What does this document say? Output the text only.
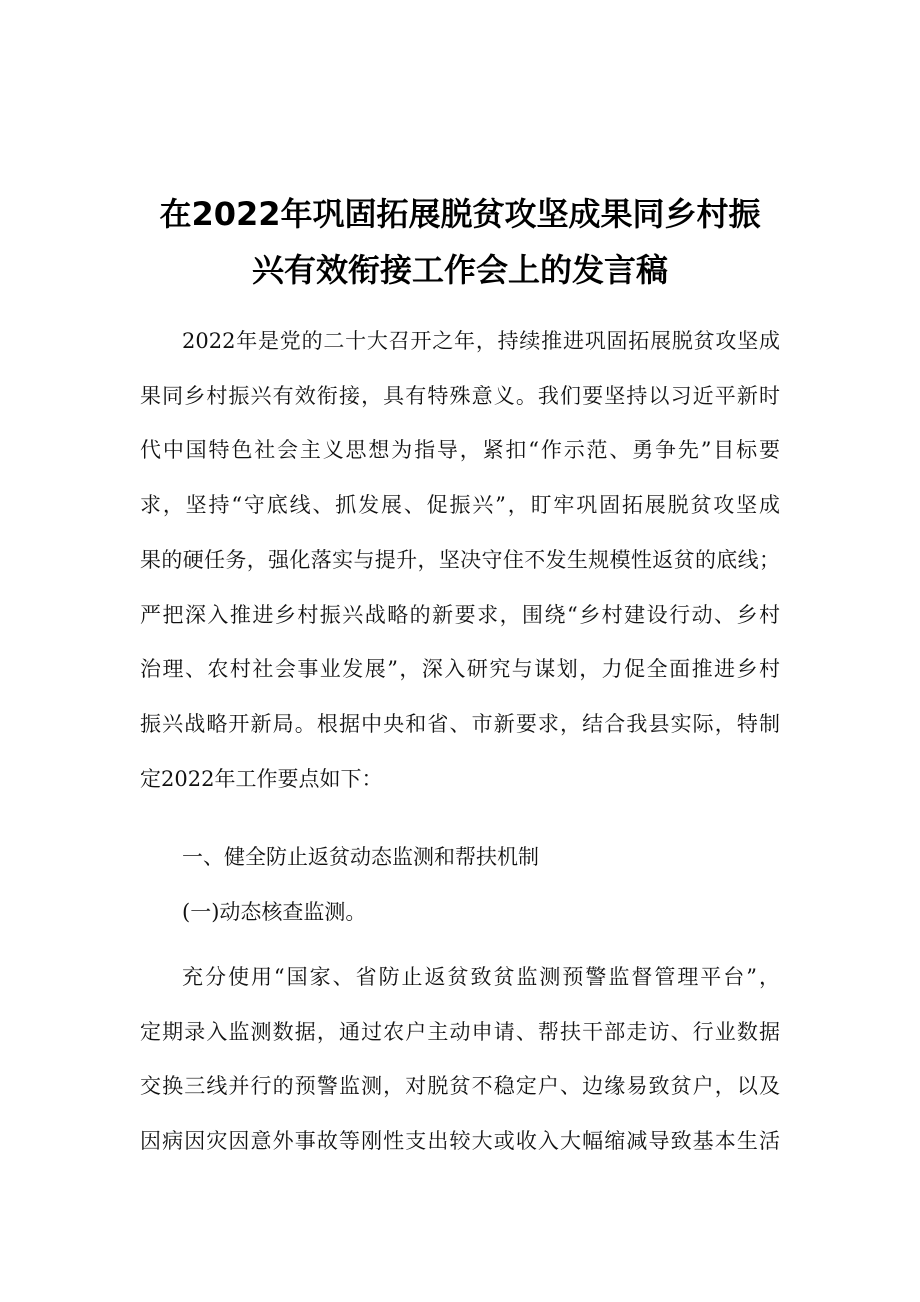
在2022年巩固拓展脱贫攻坚成果同乡村振
兴有效衔接工作会上的发言稿
2022年是党的二十大召开之年，持续推进巩固拓展脱贫攻坚成
果同乡村振兴有效衔接，具有特殊意义。我们要坚持以习近平新时
代中国特色社会主义思想为指导，紧扣“作示范、勇争先”目标要
求，坚持“守底线、抓发展、促振兴”，盯牢巩固拓展脱贫攻坚成
果的硬任务，强化落实与提升，坚决守住不发生规模性返贫的底线；
严把深入推进乡村振兴战略的新要求，围绕“乡村建设行动、乡村
治理、农村社会事业发展”，深入研究与谋划，力促全面推进乡村
振兴战略开新局。根据中央和省、市新要求，结合我县实际，特制
定2022年工作要点如下：
一、健全防止返贫动态监测和帮扶机制
(一)动态核查监测。
充分使用“国家、省防止返贫致贫监测预警监督管理平台”，
定期录入监测数据，通过农户主动申请、帮扶干部走访、行业数据
交换三线并行的预警监测，对脱贫不稳定户、边缘易致贫户，以及
因病因灾因意外事故等刚性支出较大或收入大幅缩减导致基本生活
